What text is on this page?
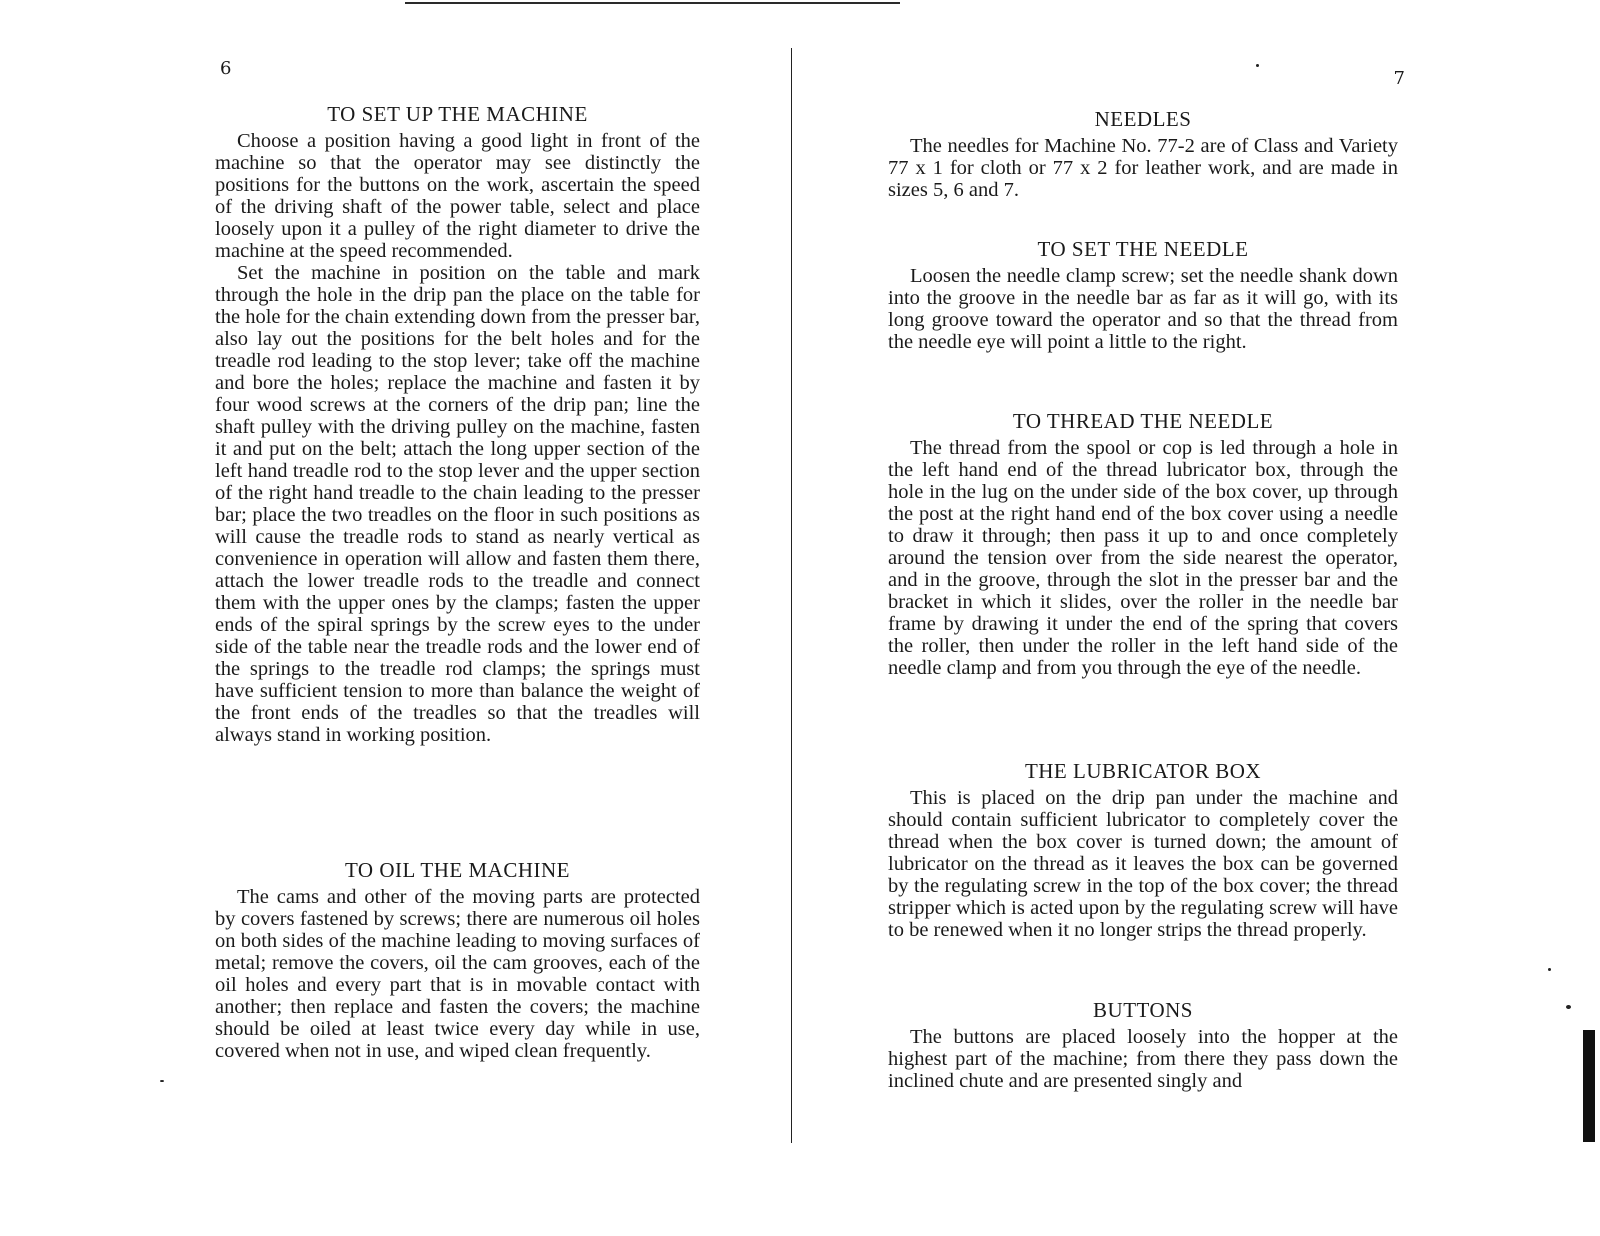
6
TO SET UP THE MACHINE

Choose a position having a good light in front of the machine so that the operator may see distinctly the positions for the buttons on the work, ascertain the speed of the driving shaft of the power table, select and place loosely upon it a pulley of the right diameter to drive the machine at the speed recommended.

Set the machine in position on the table and mark through the hole in the drip pan the place on the table for the hole for the chain extending down from the presser bar, also lay out the positions for the belt holes and for the treadle rod leading to the stop lever; take off the machine and bore the holes; replace the machine and fasten it by four wood screws at the corners of the drip pan; line the shaft pulley with the driving pulley on the machine, fasten it and put on the belt; attach the long upper section of the left hand treadle rod to the stop lever and the upper section of the right hand treadle to the chain leading to the presser bar; place the two treadles on the floor in such positions as will cause the treadle rods to stand as nearly vertical as convenience in operation will allow and fasten them there, attach the lower treadle rods to the treadle and connect them with the upper ones by the clamps; fasten the upper ends of the spiral springs by the screw eyes to the under side of the table near the treadle rods and the lower end of the springs to the treadle rod clamps; the springs must have sufficient tension to more than balance the weight of the front ends of the treadles so that the treadles will always stand in working position.

TO OIL THE MACHINE

The cams and other of the moving parts are protected by covers fastened by screws; there are numerous oil holes on both sides of the machine leading to moving surfaces of metal; remove the covers, oil the cam grooves, each of the oil holes and every part that is in movable contact with another; then replace and fasten the covers; the machine should be oiled at least twice every day while in use, covered when not in use, and wiped clean frequently.

7
NEEDLES

The needles for Machine No. 77-2 are of Class and Variety 77 x 1 for cloth or 77 x 2 for leather work, and are made in sizes 5, 6 and 7.

TO SET THE NEEDLE

Loosen the needle clamp screw; set the needle shank down into the groove in the needle bar as far as it will go, with its long groove toward the operator and so that the thread from the needle eye will point a little to the right.

TO THREAD THE NEEDLE

The thread from the spool or cop is led through a hole in the left hand end of the thread lubricator box, through the hole in the lug on the under side of the box cover, up through the post at the right hand end of the box cover using a needle to draw it through; then pass it up to and once completely around the tension over from the side nearest the operator, and in the groove, through the slot in the presser bar and the bracket in which it slides, over the roller in the needle bar frame by drawing it under the end of the spring that covers the roller, then under the roller in the left hand side of the needle clamp and from you through the eye of the needle.

THE LUBRICATOR BOX

This is placed on the drip pan under the machine and should contain sufficient lubricator to completely cover the thread when the box cover is turned down; the amount of lubricator on the thread as it leaves the box can be governed by the regulating screw in the top of the box cover; the thread stripper which is acted upon by the regulating screw will have to be renewed when it no longer strips the thread properly.

BUTTONS

The buttons are placed loosely into the hopper at the highest part of the machine; from there they pass down the inclined chute and are presented singly and
